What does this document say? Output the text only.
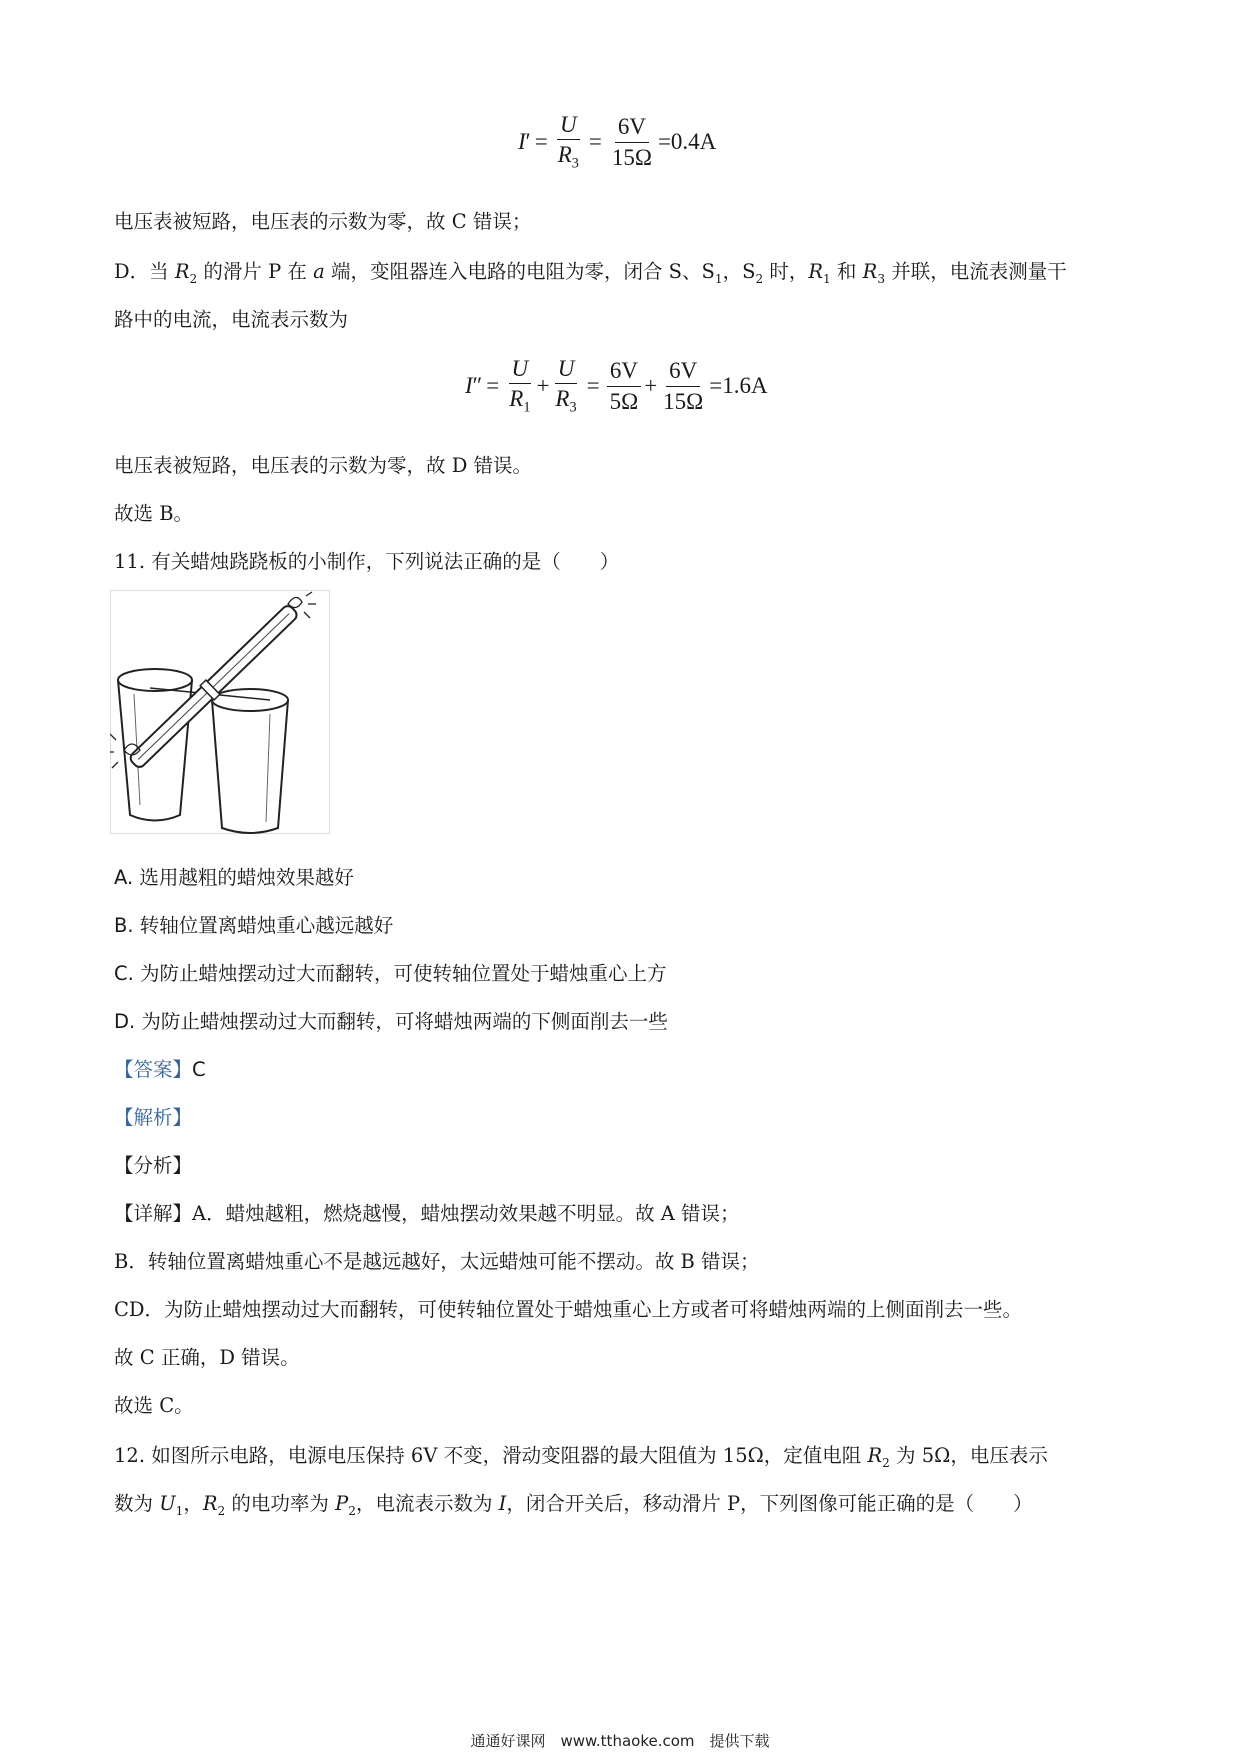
I ′ = $\frac{U}{R_3} = \frac{6V}{15\Omega} =0.4A$
电压表被短路，电压表的示数为零，故 C 错误；
D．当 $R_2$ 的滑片 P 在 a 端，变阻器连入电路的电阻为零，闭合 S、$S_1$，$S_2$ 时，$R_1$ 和 $R_3$ 并联，电流表测量干
路中的电流，电流表示数为
I ″ = $\frac{U}{R_1} + \frac{U}{R_3} = \frac{6V}{5\Omega} + \frac{6V}{15\Omega} =1.6A$
电压表被短路，电压表的示数为零，故 D 错误。
故选 B。
11. 有关蜡烛跷跷板的小制作，下列说法正确的是（　　）
A. 选用越粗的蜡烛效果越好
B. 转轴位置离蜡烛重心越远越好
C. 为防止蜡烛摆动过大而翻转，可使转轴位置处于蜡烛重心上方
D. 为防止蜡烛摆动过大而翻转，可将蜡烛两端的下侧面削去一些
【答案】C
【解析】
【分析】
【详解】A．蜡烛越粗，燃烧越慢，蜡烛摆动效果越不明显。故 A 错误；
B．转轴位置离蜡烛重心不是越远越好，太远蜡烛可能不摆动。故 B 错误；
CD．为防止蜡烛摆动过大而翻转，可使转轴位置处于蜡烛重心上方或者可将蜡烛两端的上侧面削去一些。
故 C 正确，D 错误。
故选 C。
12. 如图所示电路，电源电压保持 6V 不变，滑动变阻器的最大阻值为 15Ω，定值电阻 $R_2$ 为 5Ω，电压表示
数为 $U_1$，$R_2$ 的电功率为 $P_2$，电流表示数为 I，闭合开关后，移动滑片 P，下列图像可能正确的是（　　）
通通好课网　www.tthaoke.com　提供下载
